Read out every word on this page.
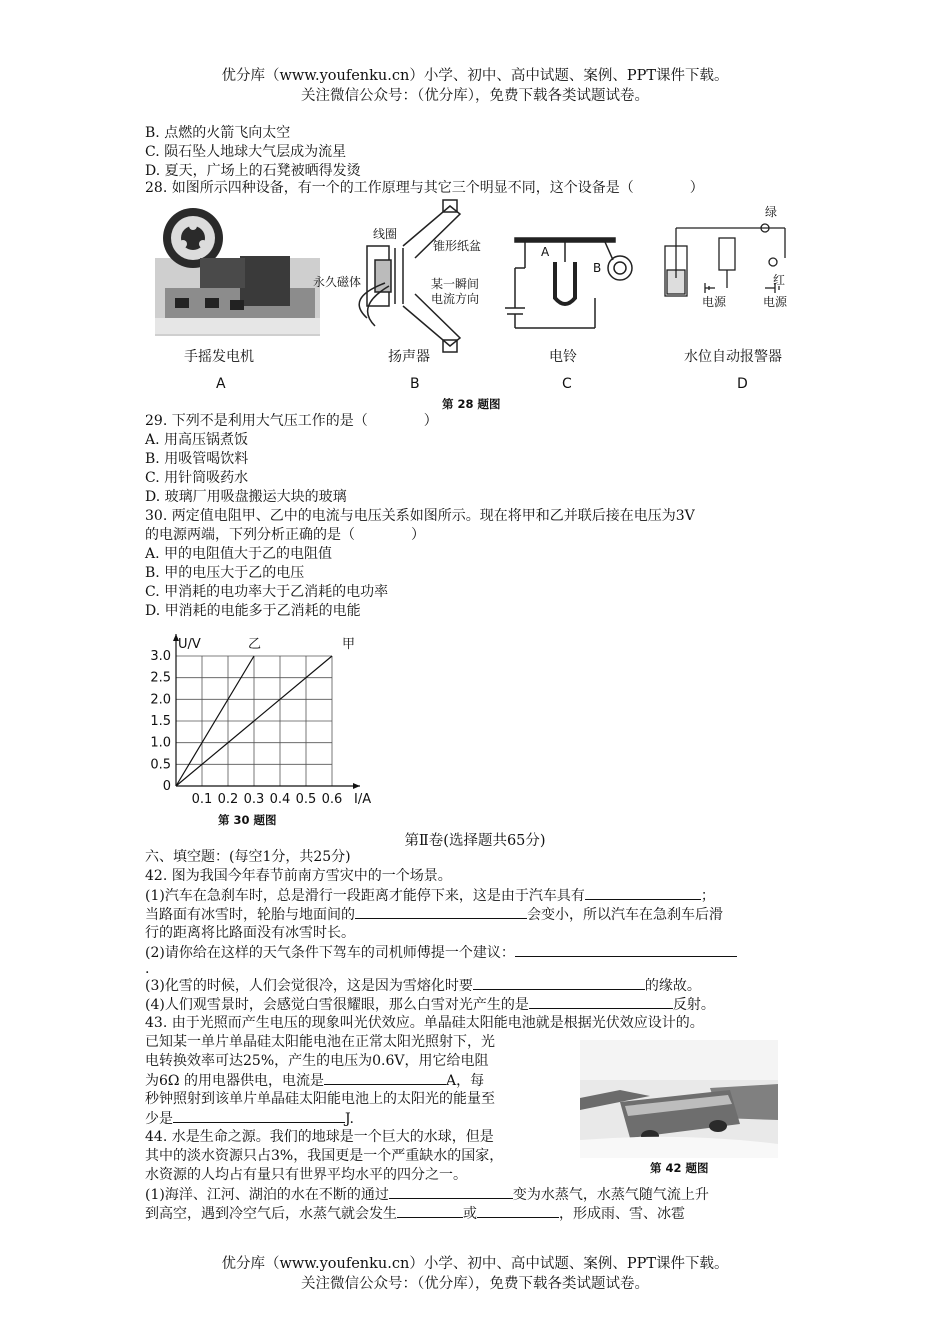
优分库（www.youfenku.cn）小学、初中、高中试题、案例、PPT课件下载。
关注微信公众号：（优分库），免费下载各类试题试卷。
B. 点燃的火箭飞向太空
C. 陨石坠人地球大气层成为流星
D. 夏天，广场上的石凳被晒得发烫
28. 如图所示四种设备，有一个的工作原理与其它三个明显不同，这个设备是（　　　　）
线圈
锥形纸盆
永久磁体	某一瞬间
电流方向
A
B
绿
红
电源	电源
手摇发电机	扬声器	电铃	水位自动报警器
A	B	C	D
第 28 题图
29. 下列不是利用大气压工作的是（　　　　）
A. 用高压锅煮饭
B. 用吸管喝饮料
C. 用针筒吸药水
D. 玻璃厂用吸盘搬运大块的玻璃
30. 两定值电阻甲、乙中的电流与电压关系如图所示。现在将甲和乙并联后接在电压为3V
的电源两端，下列分析正确的是（　　　　）
A. 甲的电阻值大于乙的电阻值
B. 甲的电压大于乙的电压
C. 甲消耗的电功率大于乙消耗的电功率
D. 甲消耗的电能多于乙消耗的电能
0.1 0.2 0.3 0.4 0.5 0.6
0.5
1.0
1.5
2.0
2.5
3.0
0
I/A
U/V	乙	甲
第 30 题图
第Ⅱ卷(选择题共65分)
六、填空题：(每空1分，共25分)
42. 图为我国今年春节前南方雪灾中的一个场景。
(1)汽车在急刹车时，总是滑行一段距离才能停下来，这是由于汽车具有	；
当路面有冰雪时，轮胎与地面间的	会变小，所以汽车在急刹车后滑
行的距离将比路面没有冰雪时长。
(2)请你给在这样的天气条件下驾车的司机师傅提一个建议：
.
(3)化雪的时候，人们会觉很冷，这是因为雪熔化时要	的缘故。
(4)人们观雪景时，会感觉白雪很耀眼，那么白雪对光产生的是	反射。
43. 由于光照而产生电压的现象叫光伏效应。单晶硅太阳能电池就是根据光伏效应设计的。
已知某一单片单晶硅太阳能电池在正常太阳光照射下，光
电转换效率可达25%，产生的电压为0.6V，用它给电阻
为6Ω 的用电器供电，电流是	A，每
秒钟照射到该单片单晶硅太阳能电池上的太阳光的能量至
少是	J.
44. 水是生命之源。我们的地球是一个巨大的水球，但是
其中的淡水资源只占3%，我国更是一个严重缺水的国家，
水资源的人均占有量只有世界平均水平的四分之一。
(1)海洋、江河、湖泊的水在不断的通过	变为水蒸气，水蒸气随气流上升
到高空，遇到冷空气后，水蒸气就会发生	或	，形成雨、雪、冰雹
第 42 题图
优分库（www.youfenku.cn）小学、初中、高中试题、案例、PPT课件下载。
关注微信公众号：（优分库），免费下载各类试题试卷。
